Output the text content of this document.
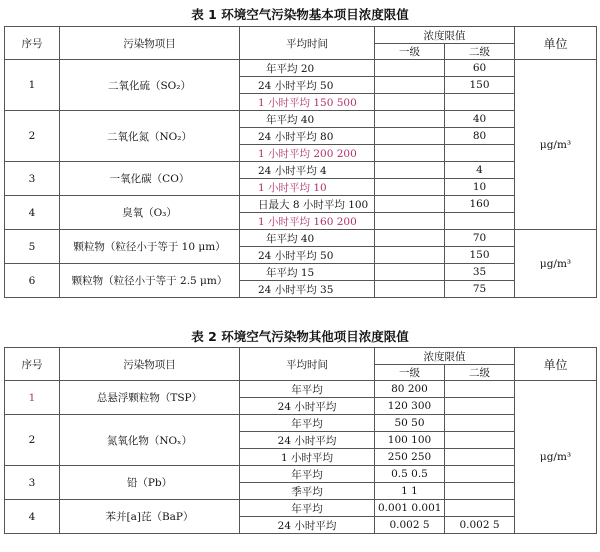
表 1 环境空气污染物基本项目浓度限值
序号	污染物项目	平均时间	浓度限值		单位
			一级	二级	
1	二氧化硫（SO₂）	年平均 20		60	μg/m³
		24 小时平均 50		150	
		1 小时平均 150 500			
2	二氧化氮（NO₂）	年平均 40		40	
		24 小时平均 80		80	
		1 小时平均 200 200			
3	一氧化碳（CO）	24 小时平均 4		4	
		1 小时平均 10		10	
4	臭氧（O₃）	日最大 8 小时平均 100		160	
		1 小时平均 160 200			
5	颗粒物（粒径小于等于 10 μm）	年平均 40		70	μg/m³
		24 小时平均 50		150	
6	颗粒物（粒径小于等于 2.5 μm）	年平均 15		35	
		24 小时平均 35		75	
表 2 环境空气污染物其他项目浓度限值
序号	污染物项目	平均时间	浓度限值		单位
			一级	二级	
1	总悬浮颗粒物（TSP）	年平均	80 200		μg/m³
		24 小时平均	120 300		
2	氮氧化物（NOₓ）	年平均	50 50		
		24 小时平均	100 100		
		1 小时平均	250 250		
3	铅（Pb）	年平均	0.5 0.5		
		季平均	1 1		
4	苯并[a]芘（BaP）	年平均	0.001 0.001		
		24 小时平均	0.002 5	0.002 5	
